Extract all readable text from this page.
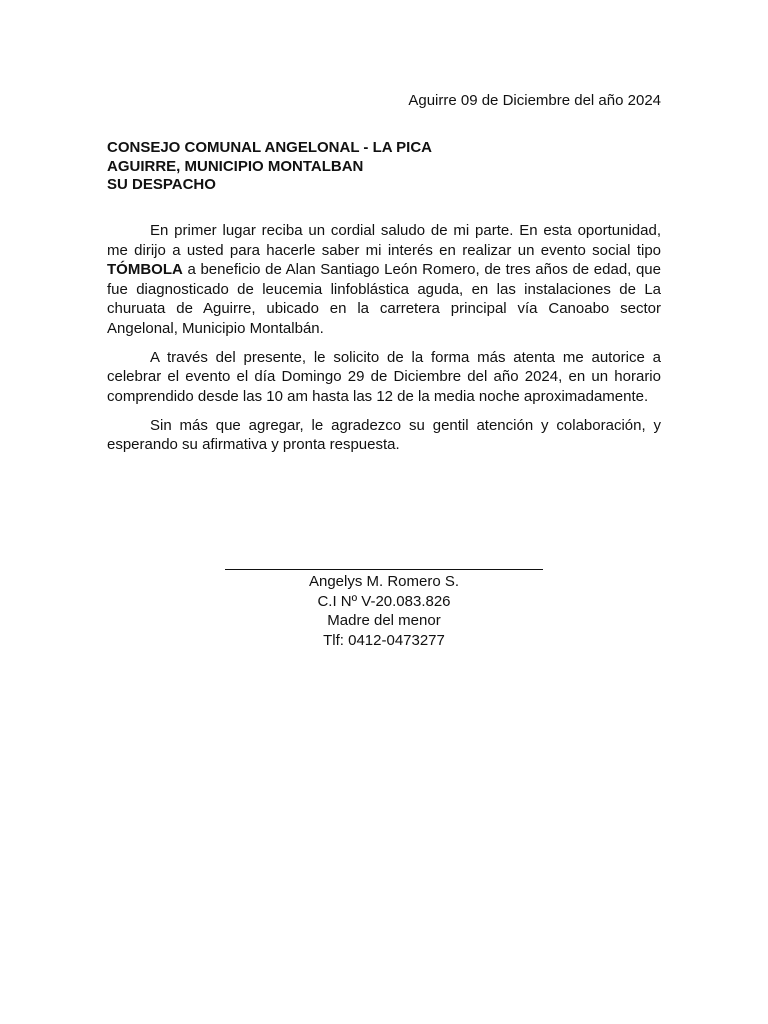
Aguirre 09 de Diciembre del año 2024
CONSEJO COMUNAL ANGELONAL - LA PICA
AGUIRRE, MUNICIPIO MONTALBAN
SU DESPACHO

En primer lugar reciba un cordial saludo de mi parte. En esta oportunidad, me dirijo a usted para hacerle saber mi interés en realizar un evento social tipo TÓMBOLA a beneficio de Alan Santiago León Romero, de tres años de edad, que fue diagnosticado de leucemia linfoblástica aguda, en las instalaciones de La churuata de Aguirre, ubicado en la carretera principal vía Canoabo sector Angelonal, Municipio Montalbán.

A través del presente, le solicito de la forma más atenta me autorice a celebrar el evento el día Domingo 29 de Diciembre del año 2024, en un horario comprendido desde las 10 am hasta las 12 de la media noche aproximadamente.

Sin más que agregar, le agradezco su gentil atención y colaboración, y esperando su afirmativa y pronta respuesta.

Angelys M. Romero S.
C.I Nº V-20.083.826
Madre del menor
Tlf: 0412-0473277
